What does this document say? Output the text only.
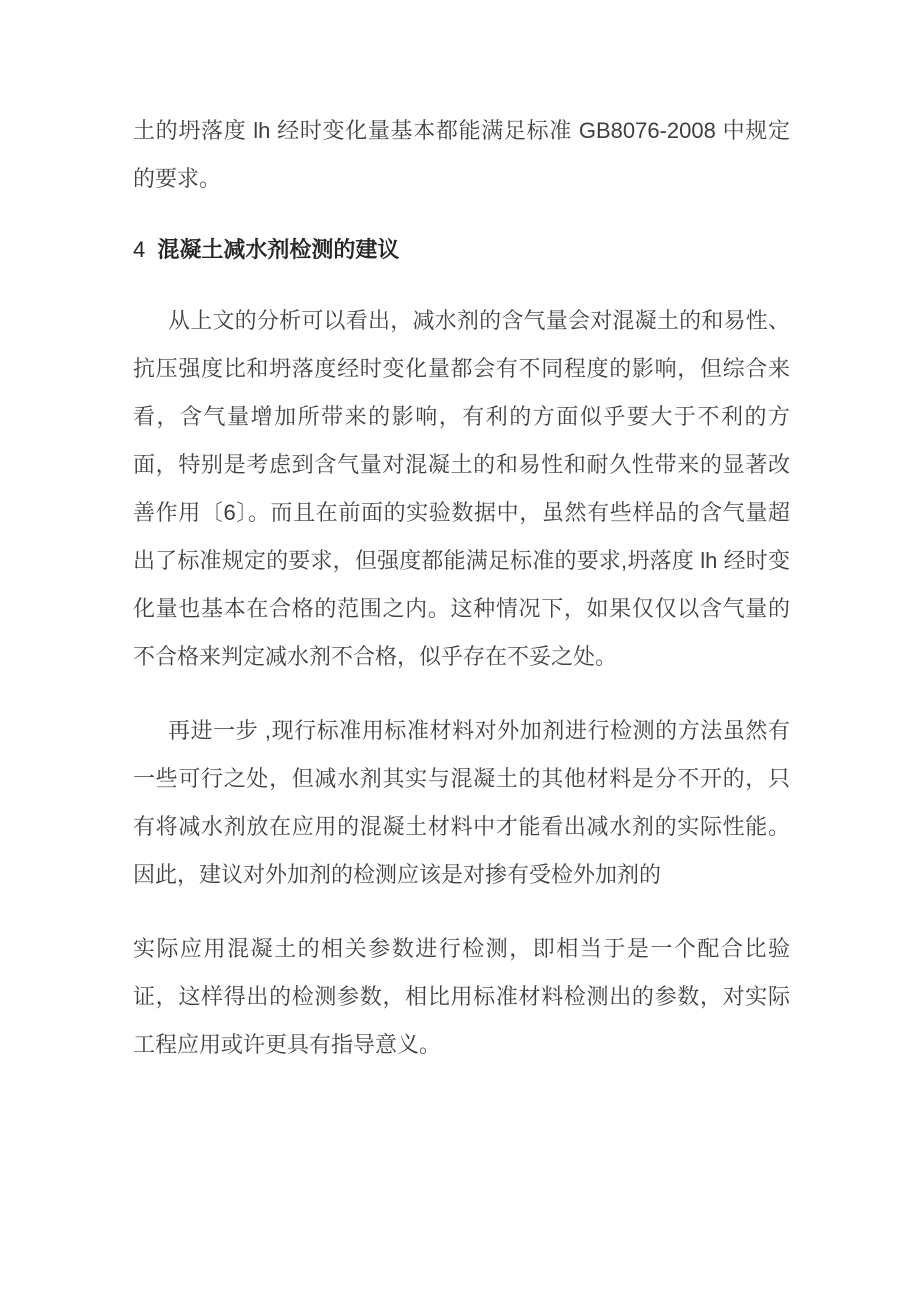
土的坍落度 lh 经时变化量基本都能满足标准 GB8076-2008 中规定的要求。

4 混凝土减水剂检测的建议

从上文的分析可以看出，减水剂的含气量会对混凝土的和易性、抗压强度比和坍落度经时变化量都会有不同程度的影响，但综合来看，含气量增加所带来的影响，有利的方面似乎要大于不利的方面，特别是考虑到含气量对混凝土的和易性和耐久性带来的显著改善作用〔6〕。而且在前面的实验数据中，虽然有些样品的含气量超出了标准规定的要求，但强度都能满足标准的要求,坍落度 lh 经时变化量也基本在合格的范围之内。这种情况下，如果仅仅以含气量的不合格来判定减水剂不合格，似乎存在不妥之处。

再进一步 ,现行标准用标准材料对外加剂进行检测的方法虽然有一些可行之处，但减水剂其实与混凝土的其他材料是分不开的，只有将减水剂放在应用的混凝土材料中才能看出减水剂的实际性能。 因此，建议对外加剂的检测应该是对掺有受检外加剂的

实际应用混凝土的相关参数进行检测，即相当于是一个配合比验证，这样得出的检测参数，相比用标准材料检测出的参数，对实际工程应用或许更具有指导意义。
